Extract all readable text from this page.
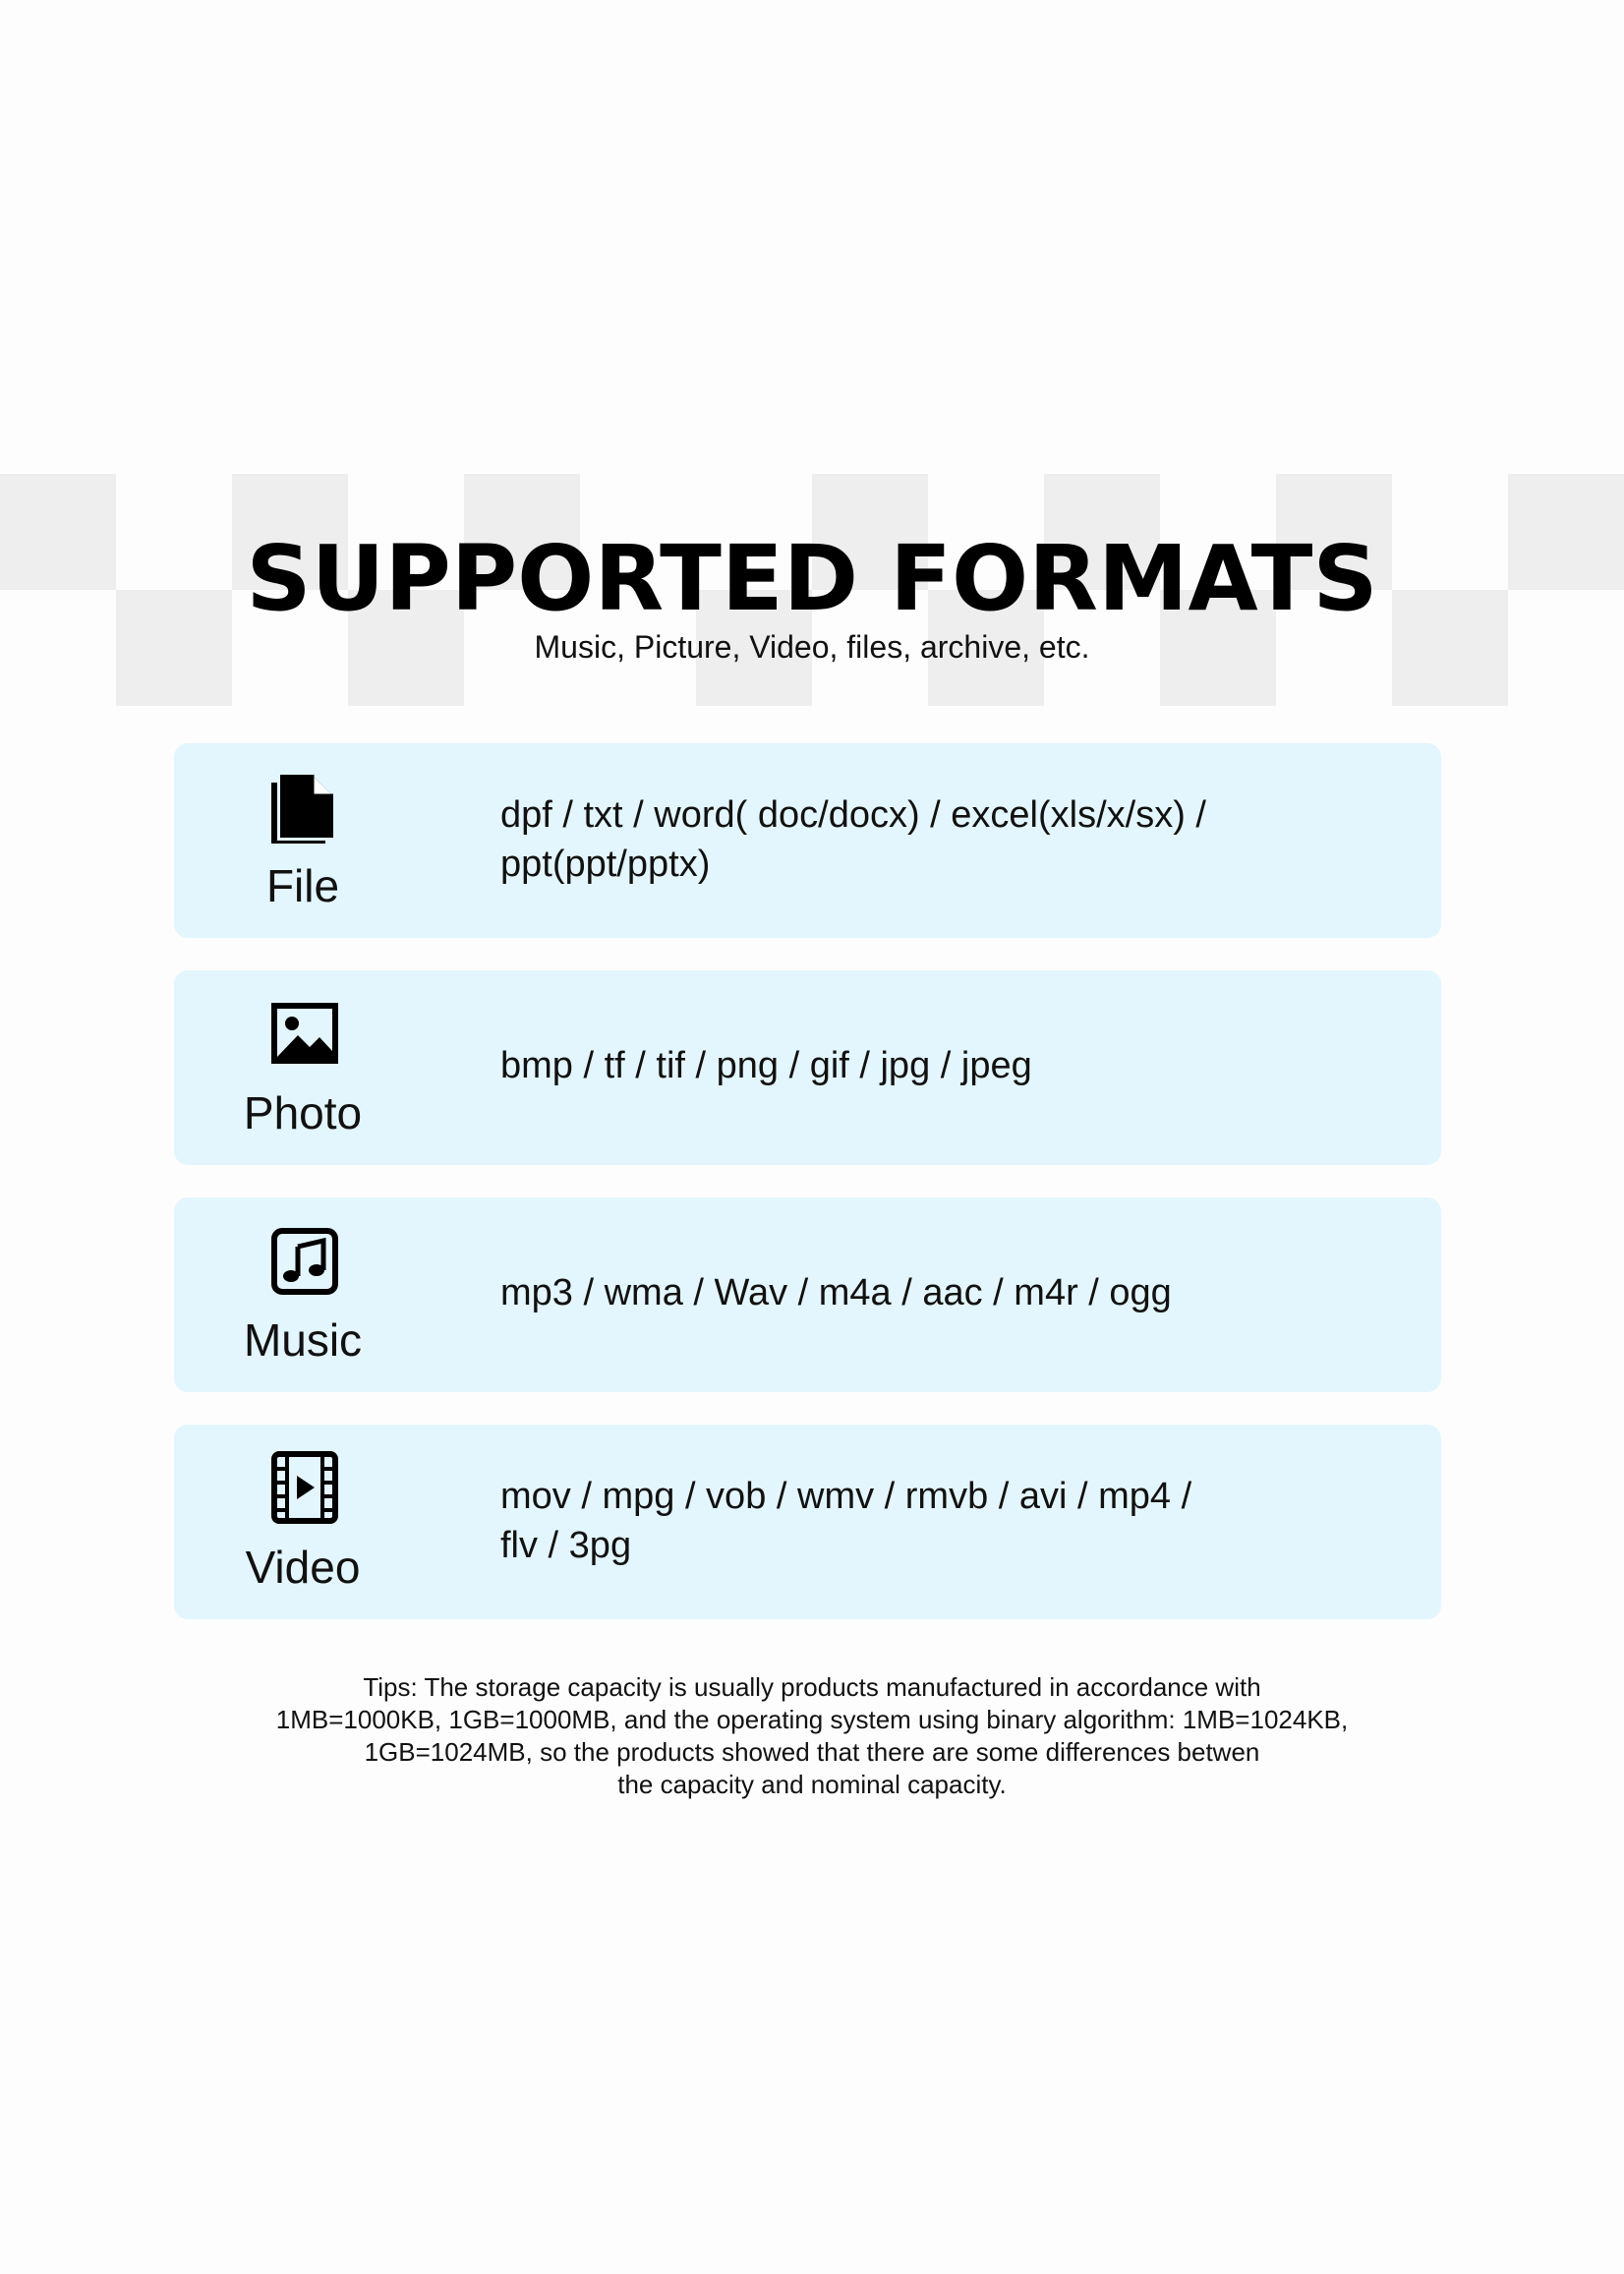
SUPPORTED FORMATS
Music, Picture, Video, files, archive, etc.
File
dpf / txt / word( doc/docx) / excel(xls/x/sx) /
ppt(ppt/pptx)
Photo
bmp / tf / tif / png / gif / jpg / jpeg
Music
mp3 / wma / Wav / m4a / aac / m4r / ogg
Video
mov / mpg / vob / wmv / rmvb / avi / mp4 /
flv / 3pg
Tips: The storage capacity is usually products manufactured in accordance with
1MB=1000KB, 1GB=1000MB, and the operating system using binary algorithm: 1MB=1024KB,
1GB=1024MB, so the products showed that there are some differences betwen
the capacity and nominal capacity.
